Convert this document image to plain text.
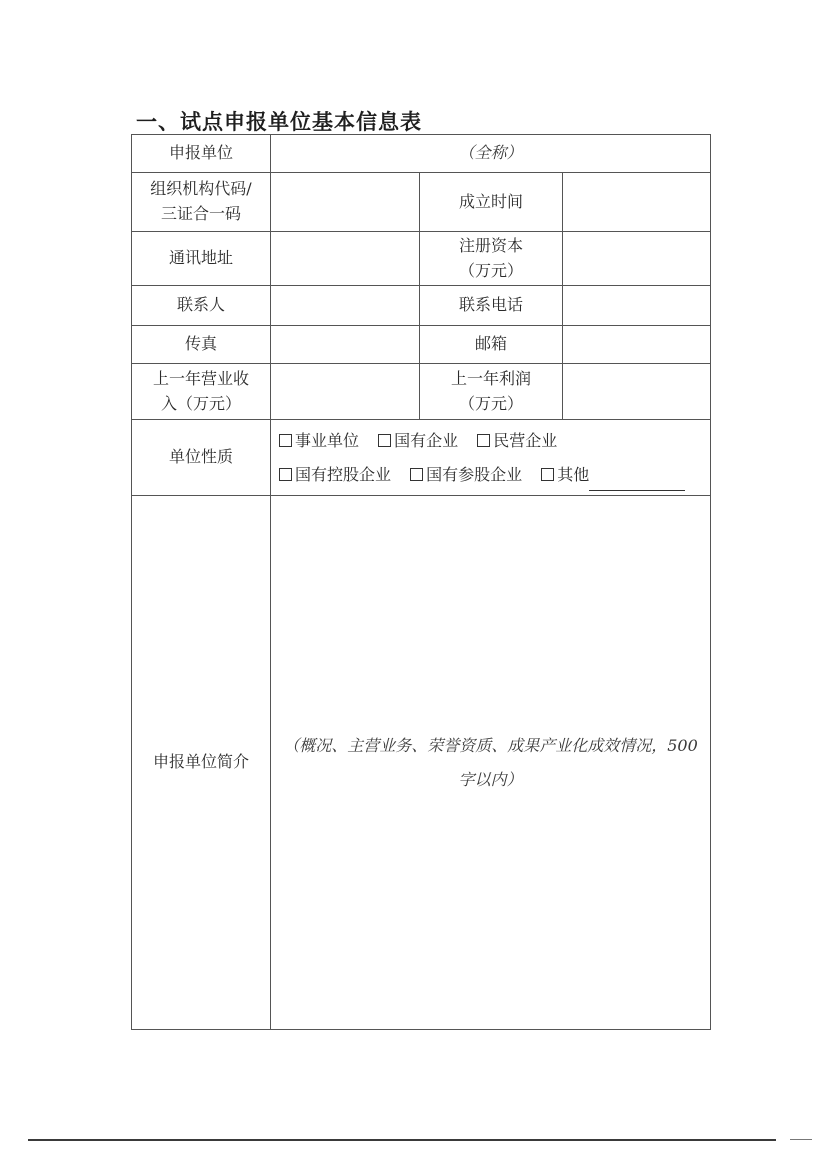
一、试点申报单位基本信息表
申报单位	（全称）		
组织机构代码/
三证合一码		成立时间	
通讯地址		注册资本
（万元）	
联系人		联系电话	
传真		邮箱	
上一年营业收
入（万元）		上一年利润
（万元）	
单位性质	事业单位 国有企业 民营企业 国有控股企业 国有参股企业 其他		
申报单位简介	（概况、主营业务、荣誉资质、成果产业化成效情况，500字以内）		
